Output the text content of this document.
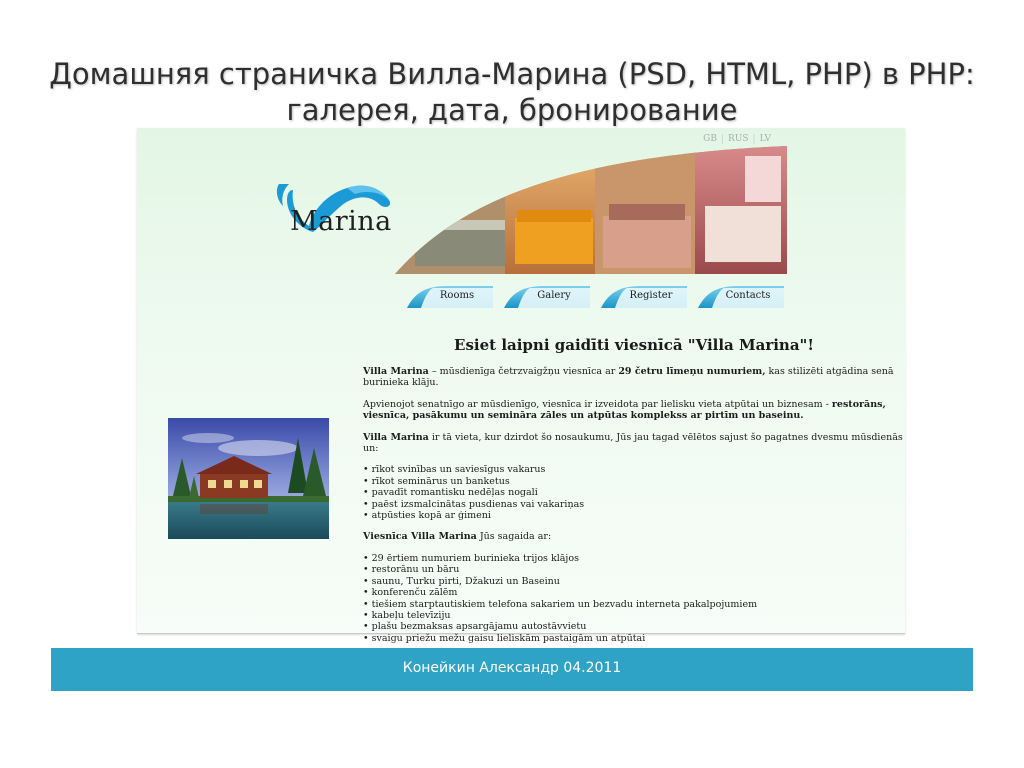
Домашняя страничка Вилла-Марина (PSD, HTML, PHP) в PHP:
галерея, дата, бронирование
GB | RUS | LV
Marina
Rooms	Galery	Register	Contacts
Esiet laipni gaidīti viesnīcā "Villa Marina"!

Villa Marina – mūsdienīga četrzvaigžņu viesnīca ar 29 četru līmeņu numuriem, kas stilizēti atgādina senā burinieka klāju.

Apvienojot senatnīgo ar mūsdienīgo, viesnīca ir izveidota par lielisku vieta atpūtai un biznesam - restorāns, viesnīca, pasākumu un semināra zāles un atpūtas komplekss ar pirtīm un baseinu.

Villa Marina ir tā vieta, kur dzirdot šo nosaukumu, Jūs jau tagad vēlētos sajust šo pagatnes dvesmu mūsdienās un:

• rīkot svinības un saviesīgus vakarus
• rīkot seminārus un banketus
• pavadīt romantisku nedēļas nogali
• paēst izsmalcinātas pusdienas vai vakariņas
• atpūsties kopā ar ģimeni

Viesnīca Villa Marina Jūs sagaida ar:

• 29 ērtiem numuriem burinieka trijos klājos
• restorānu un bāru
• saunu, Turku pirti, Džakuzi un Baseinu
• konferenču zālēm
• tiešiem starptautiskiem telefona sakariem un bezvadu interneta pakalpojumiem
• kabeļu televīziju
• plašu bezmaksas apsargājamu autostāvvietu
• svaigu priežu mežu gaisu lieliskām pastaigām un atpūtai
Конейкин Александр 04.2011
